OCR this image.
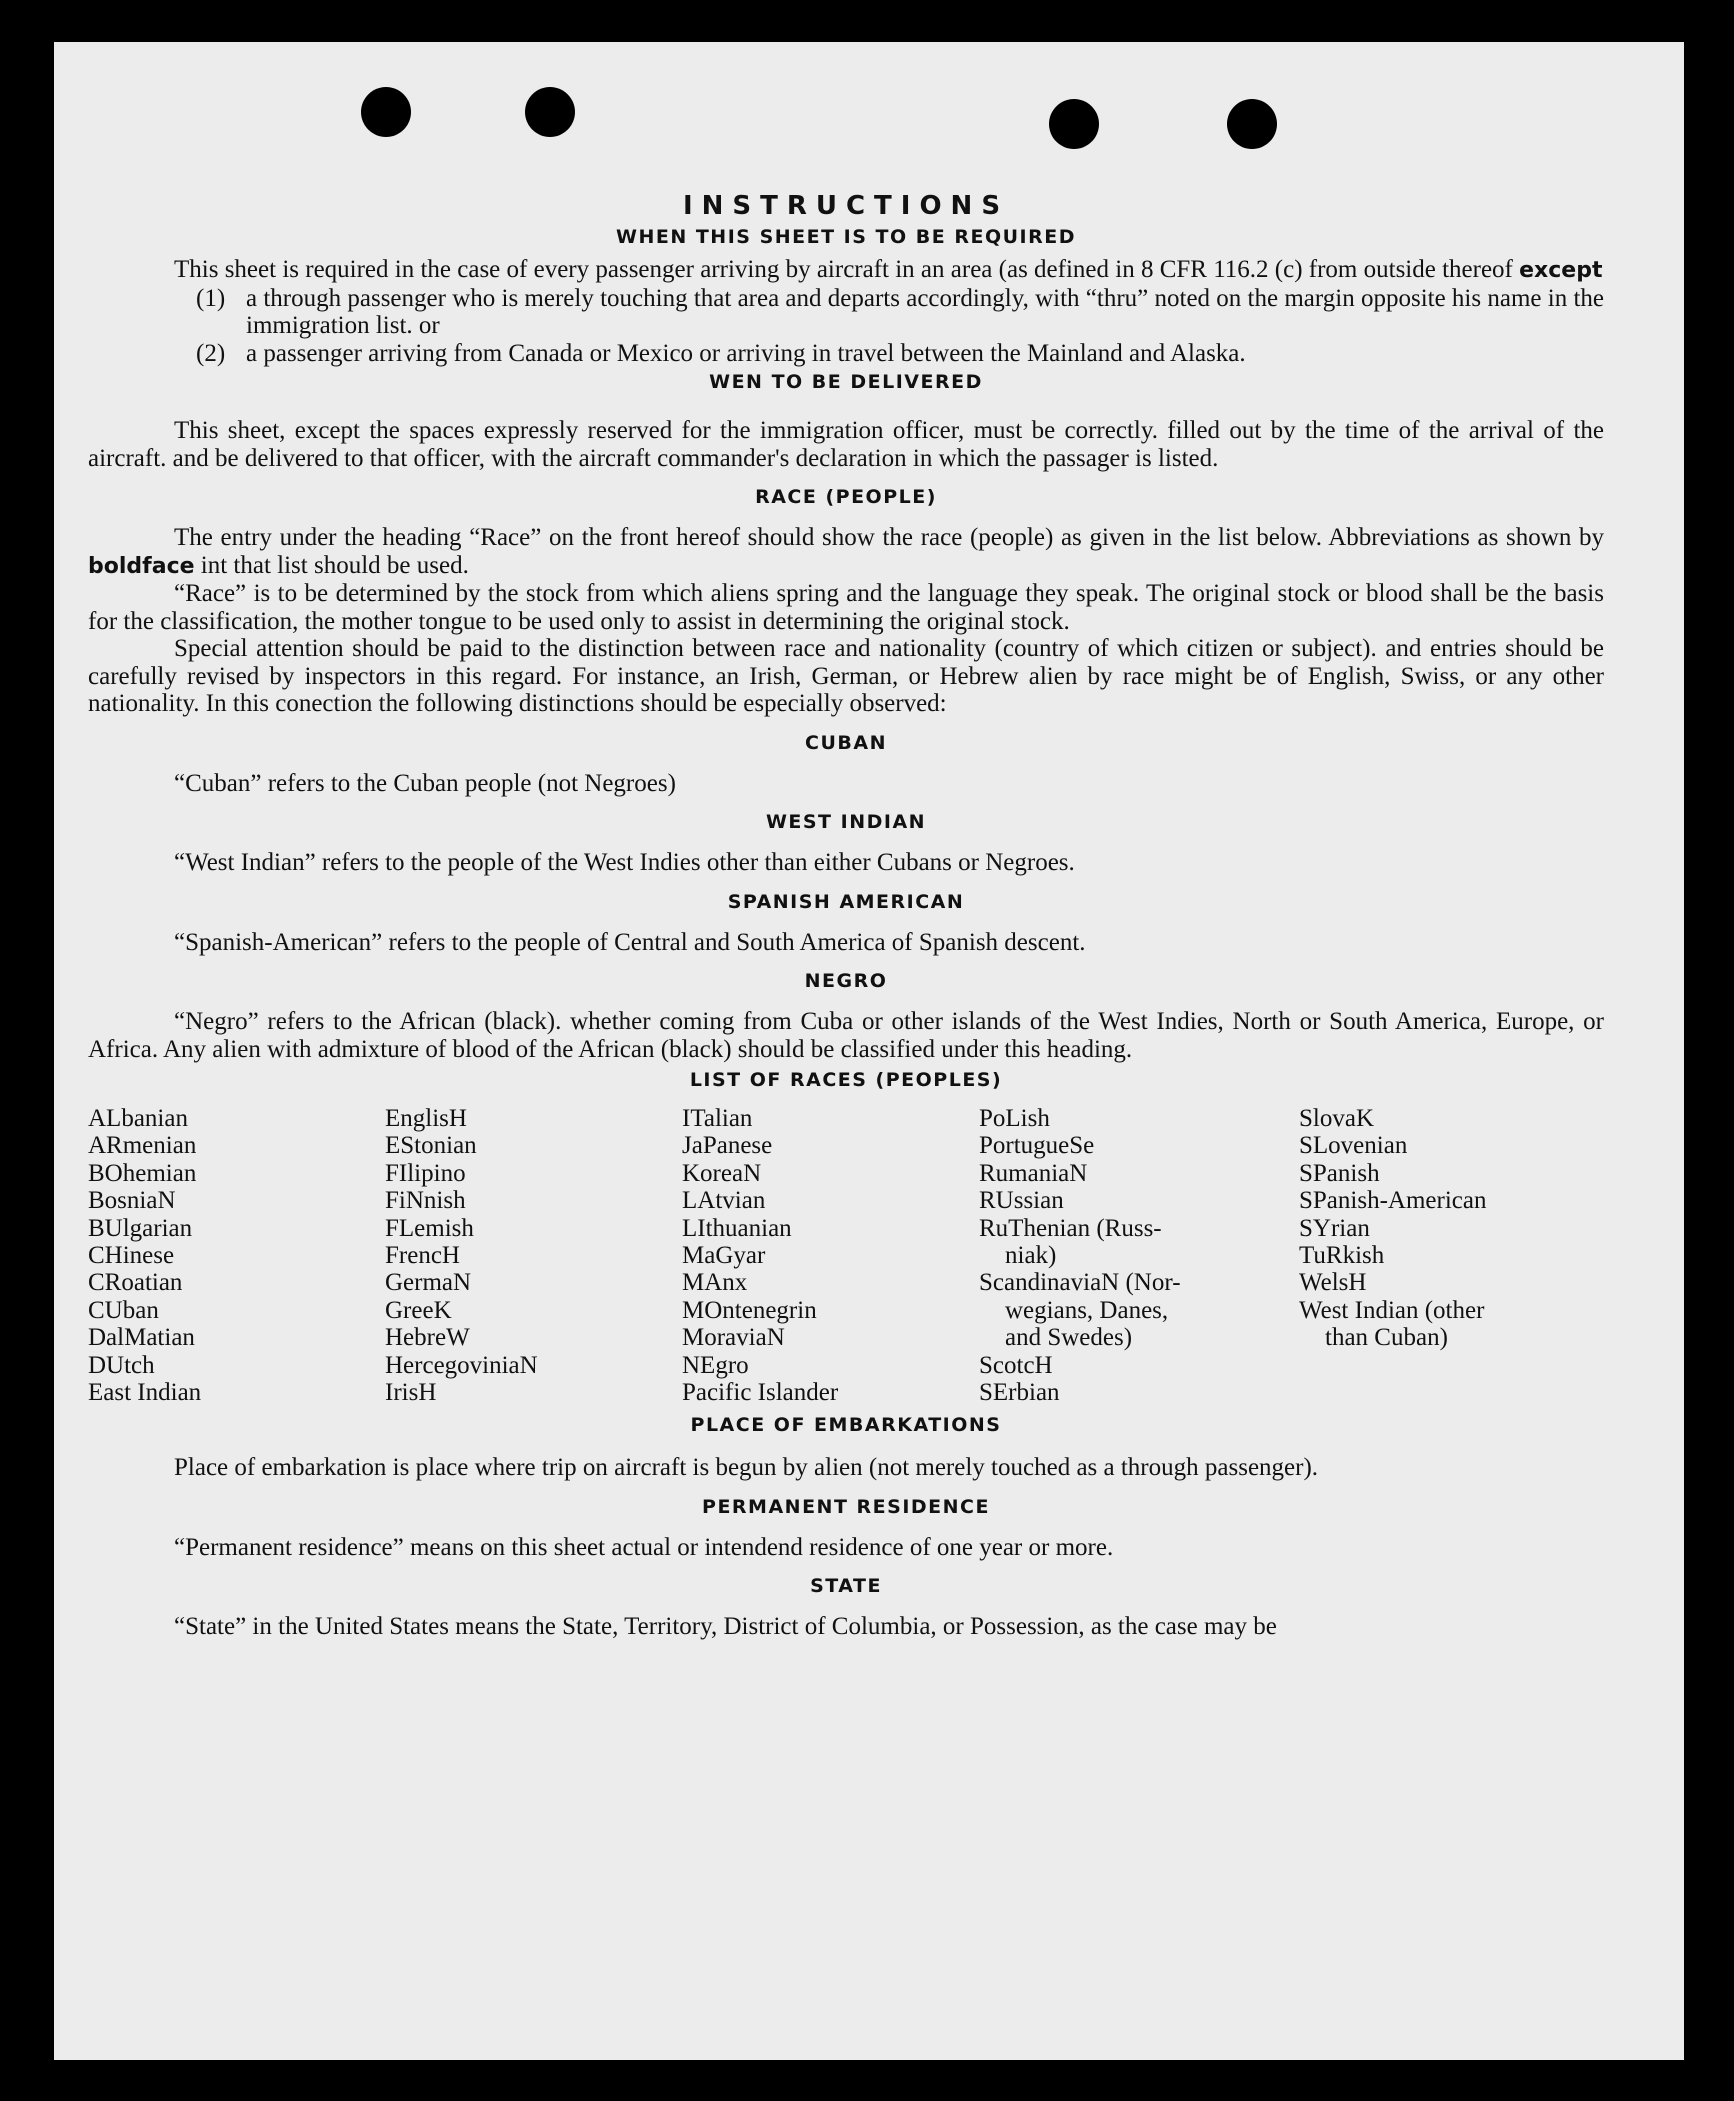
INSTRUCTIONS
WHEN THIS SHEET IS TO BE REQUIRED

This sheet is required in the case of every passenger arriving by aircraft in an area (as defined in 8 CFR 116.2 (c) from outside thereof except

(1) a through passenger who is merely touching that area and departs accordingly, with “thru” noted on the margin opposite his name in the immigration list. or
(2) a passenger arriving from Canada or Mexico or arriving in travel between the Mainland and Alaska.
WEN TO BE DELIVERED

This sheet, except the spaces expressly reserved for the immigration officer, must be correctly. filled out by the time of the arrival of the aircraft. and be delivered to that officer, with the aircraft commander's declaration in which the passager is listed.

RACE (PEOPLE)

The entry under the heading “Race” on the front hereof should show the race (people) as given in the list below. Abbreviations as shown by boldface int that list should be used.

“Race” is to be determined by the stock from which aliens spring and the language they speak. The original stock or blood shall be the basis for the classification, the mother tongue to be used only to assist in determining the original stock.

Special attention should be paid to the distinction between race and nationality (country of which citizen or subject). and entries should be carefully revised by inspectors in this regard. For instance, an Irish, German, or Hebrew alien by race might be of English, Swiss, or any other nationality. In this conection the following distinctions should be especially observed:

CUBAN

“Cuban” refers to the Cuban people (not Negroes)

WEST INDIAN

“West Indian” refers to the people of the West Indies other than either Cubans or Negroes.

SPANISH AMERICAN

“Spanish-American” refers to the people of Central and South America of Spanish descent.

NEGRO

“Negro” refers to the African (black). whether coming from Cuba or other islands of the West Indies, North or South America, Europe, or Africa. Any alien with admixture of blood of the African (black) should be classified under this heading.

LIST OF RACES (PEOPLES)
ALbanian
ARmenian
BOhemian
BosniaN
BUlgarian
CHinese
CRoatian
CUban
DalMatian
DUtch
East Indian
EnglisH
EStonian
FIlipino
FiNnish
FLemish
FrencH
GermaN
GreeK
HebreW
HercegoviniaN
IrisH
ITalian
JaPanese
KoreaN
LAtvian
LIthuanian
MaGyar
MAnx
MOntenegrin
MoraviaN
NEgro
Pacific Islander
PoLish
PortugueSe
RumaniaN
RUssian
RuThenian (Russ-
niak)
ScandinaviaN (Nor-
wegians, Danes,
and Swedes)
ScotcH
SErbian
SlovaK
SLovenian
SPanish
SPanish-American
SYrian
TuRkish
WelsH
West Indian (other
than Cuban)
PLACE OF EMBARKATIONS

Place of embarkation is place where trip on aircraft is begun by alien (not merely touched as a through passenger).

PERMANENT RESIDENCE

“Permanent residence” means on this sheet actual or intendend residence of one year or more.

STATE

“State” in the United States means the State, Territory, District of Columbia, or Possession, as the case may be
